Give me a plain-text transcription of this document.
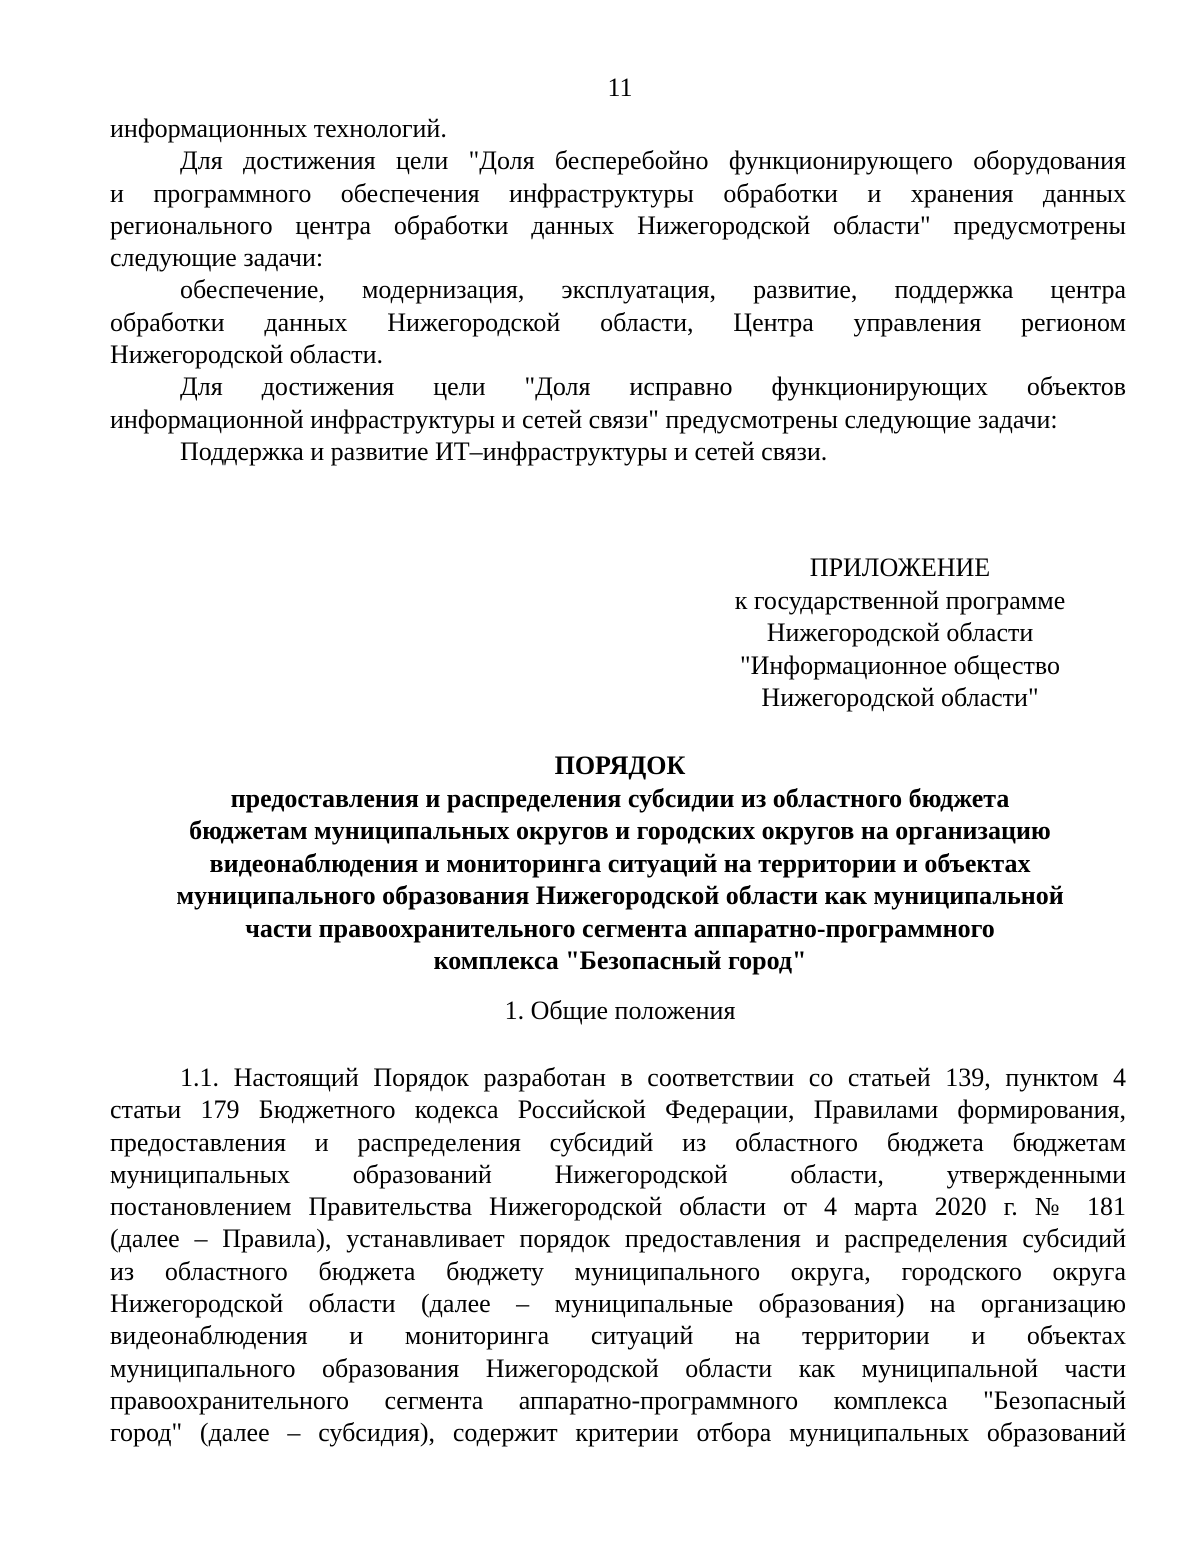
11
информационных технологий.
Для достижения цели "Доля бесперебойно функционирующего оборудования
и программного обеспечения инфраструктуры обработки и хранения данных
регионального центра обработки данных Нижегородской области" предусмотрены
следующие задачи:
обеспечение, модернизация, эксплуатация, развитие, поддержка центра
обработки данных Нижегородской области, Центра управления регионом
Нижегородской области.
Для достижения цели "Доля исправно функционирующих объектов
информационной инфраструктуры и сетей связи" предусмотрены следующие задачи:
Поддержка и развитие ИТ–инфраструктуры и сетей связи.
ПРИЛОЖЕНИЕ
к государственной программе
Нижегородской области
"Информационное общество
Нижегородской области"
ПОРЯДОК
предоставления и распределения субсидии из областного бюджета
бюджетам муниципальных округов и городских округов на организацию
видеонаблюдения и мониторинга ситуаций на территории и объектах
муниципального образования Нижегородской области как муниципальной
части правоохранительного сегмента аппаратно-программного
комплекса "Безопасный город"
1. Общие положения
1.1. Настоящий Порядок разработан в соответствии со статьей 139, пунктом 4
статьи 179 Бюджетного кодекса Российской Федерации, Правилами формирования,
предоставления и распределения субсидий из областного бюджета бюджетам
муниципальных образований Нижегородской области, утвержденными
постановлением Правительства Нижегородской области от 4 марта 2020 г. № 181
(далее – Правила), устанавливает порядок предоставления и распределения субсидий
из областного бюджета бюджету муниципального округа, городского округа
Нижегородской области (далее – муниципальные образования) на организацию
видеонаблюдения и мониторинга ситуаций на территории и объектах
муниципального образования Нижегородской области как муниципальной части
правоохранительного сегмента аппаратно-программного комплекса "Безопасный
город" (далее – субсидия), содержит критерии отбора муниципальных образований
